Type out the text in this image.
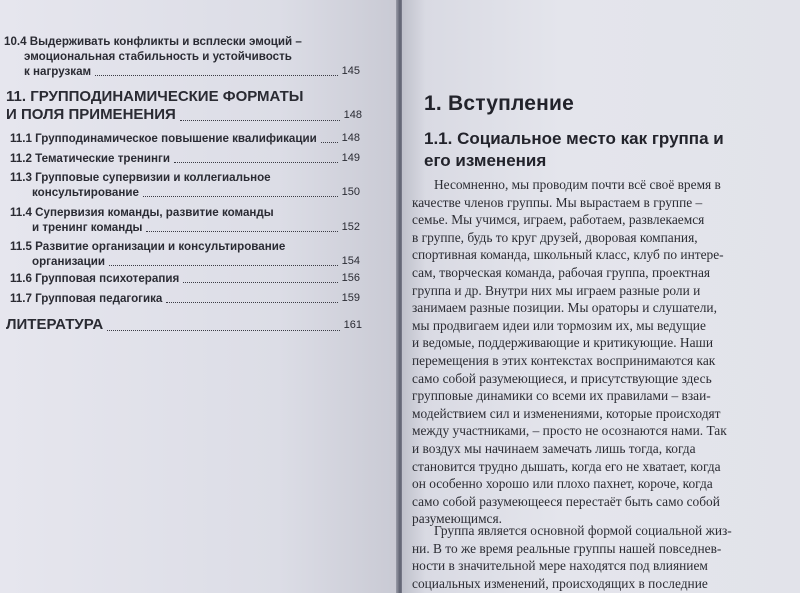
10.4 Выдерживать конфликты и всплески эмоций –
эмоциональная стабильность и устойчивость
к нагрузкам	145
11. ГРУППОДИНАМИЧЕСКИЕ ФОРМАТЫ
И ПОЛЯ ПРИМЕНЕНИЯ	148
11.1 Групподинамическое повышение квалификации 148
11.2 Тематические тренинги	149
11.3 Групповые супервизии и коллегиальное
консультирование	150
11.4 Супервизия команды, развитие команды
и тренинг команды	152
11.5 Развитие организации и консультирование
организации	154
11.6 Групповая психотерапия	156
11.7 Групповая педагогика	159
ЛИТЕРАТУРА	161
1. Вступление
1.1. Социальное место как группа и
его изменения
Несомненно, мы проводим почти всё своё время в
качестве членов группы. Мы вырастаем в группе –
семье. Мы учимся, играем, работаем, развлекаемся
в группе, будь то круг друзей, дворовая компания,
спортивная команда, школьный класс, клуб по интере-
сам, творческая команда, рабочая группа, проектная
группа и др. Внутри них мы играем разные роли и
занимаем разные позиции. Мы ораторы и слушатели,
мы продвигаем идеи или тормозим их, мы ведущие
и ведомые, поддерживающие и критикующие. Наши
перемещения в этих контекстах воспринимаются как
само собой разумеющиеся, и присутствующие здесь
групповые динамики со всеми их правилами – взаи-
модействием сил и изменениями, которые происходят
между участниками, – просто не осознаются нами. Так
и воздух мы начинаем замечать лишь тогда, когда
становится трудно дышать, когда его не хватает, когда
он особенно хорошо или плохо пахнет, короче, когда
само собой разумеющееся перестаёт быть само собой
разумеющимся.
Группа является основной формой социальной жиз-
ни. В то же время реальные группы нашей повседнев-
ности в значительной мере находятся под влиянием
социальных изменений, происходящих в последние
